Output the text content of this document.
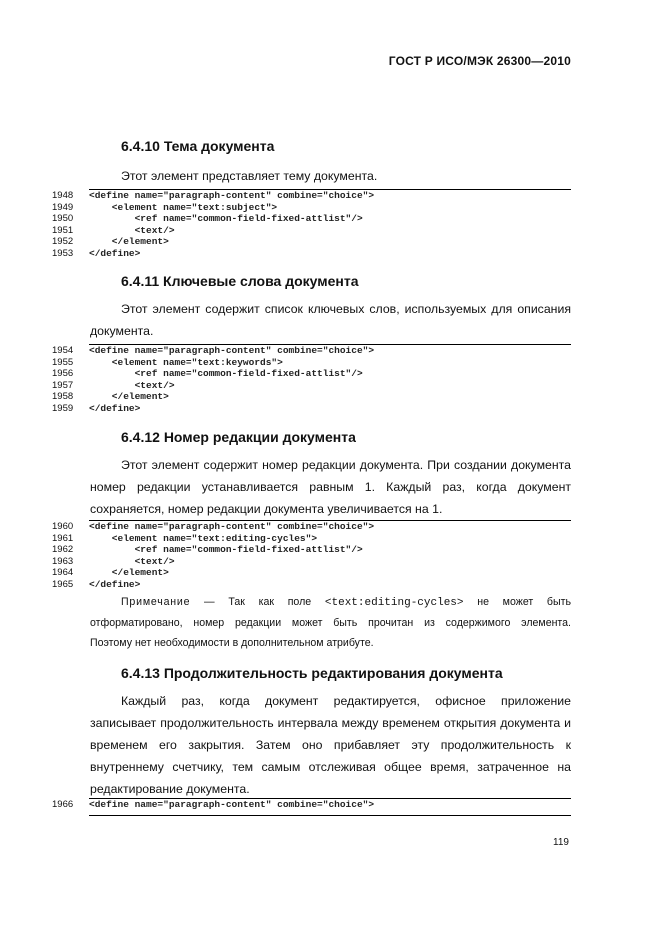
ГОСТ Р ИСО/МЭК 26300—2010
6.4.10 Тема документа
Этот элемент представляет тему документа.
1948	<define name="paragraph-content" combine="choice">
1949	<element name="text:subject">
1950	<ref name="common-field-fixed-attlist"/>
1951	<text/>
1952	</element>
1953	</define>
6.4.11 Ключевые слова документа
Этот элемент содержит список ключевых слов, используемых для описания
документа.
1954	<define name="paragraph-content" combine="choice">
1955	<element name="text:keywords">
1956	<ref name="common-field-fixed-attlist"/>
1957	<text/>
1958	</element>
1959	</define>
6.4.12 Номер редакции документа
Этот элемент содержит номер редакции документа. При создании документа
номер редакции устанавливается равным 1. Каждый раз, когда документ
сохраняется, номер редакции документа увеличивается на 1.
1960	<define name="paragraph-content" combine="choice">
1961	<element name="text:editing-cycles">
1962	<ref name="common-field-fixed-attlist"/>
1963	<text/>
1964	</element>
1965	</define>
Примечание — Так как поле <text:editing-cycles> не может быть
отформатировано, номер редакции может быть прочитан из содержимого элемента.
Поэтому нет необходимости в дополнительном атрибуте.
6.4.13 Продолжительность редактирования документа
Каждый раз, когда документ редактируется, офисное приложение
записывает продолжительность интервала между временем открытия документа и
временем его закрытия. Затем оно прибавляет эту продолжительность к
внутреннему счетчику, тем самым отслеживая общее время, затраченное на
редактирование документа.
1966	<define name="paragraph-content" combine="choice">
119
